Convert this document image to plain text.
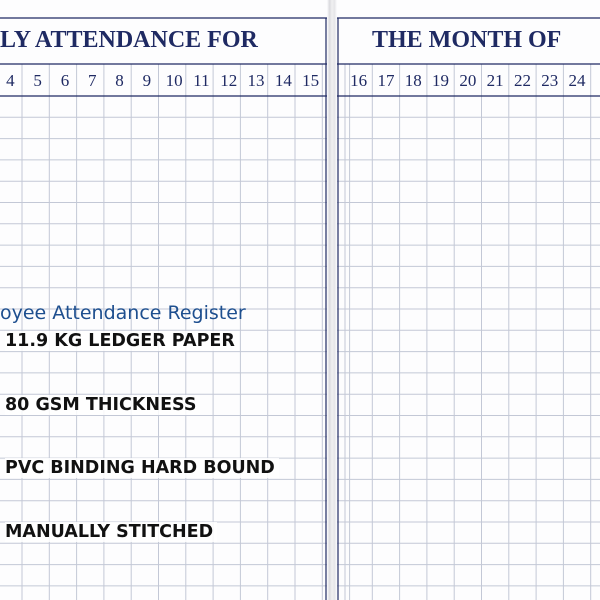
LY ATTENDANCE FOR	THE MONTH OF
4 5 6 7 8 9 10 11 12 13 14 15 16 17 18 19 20 21 22 23 24
oyee Attendance Register
11.9 KG LEDGER PAPER
80 GSM THICKNESS
PVC BINDING HARD BOUND
MANUALLY STITCHED
